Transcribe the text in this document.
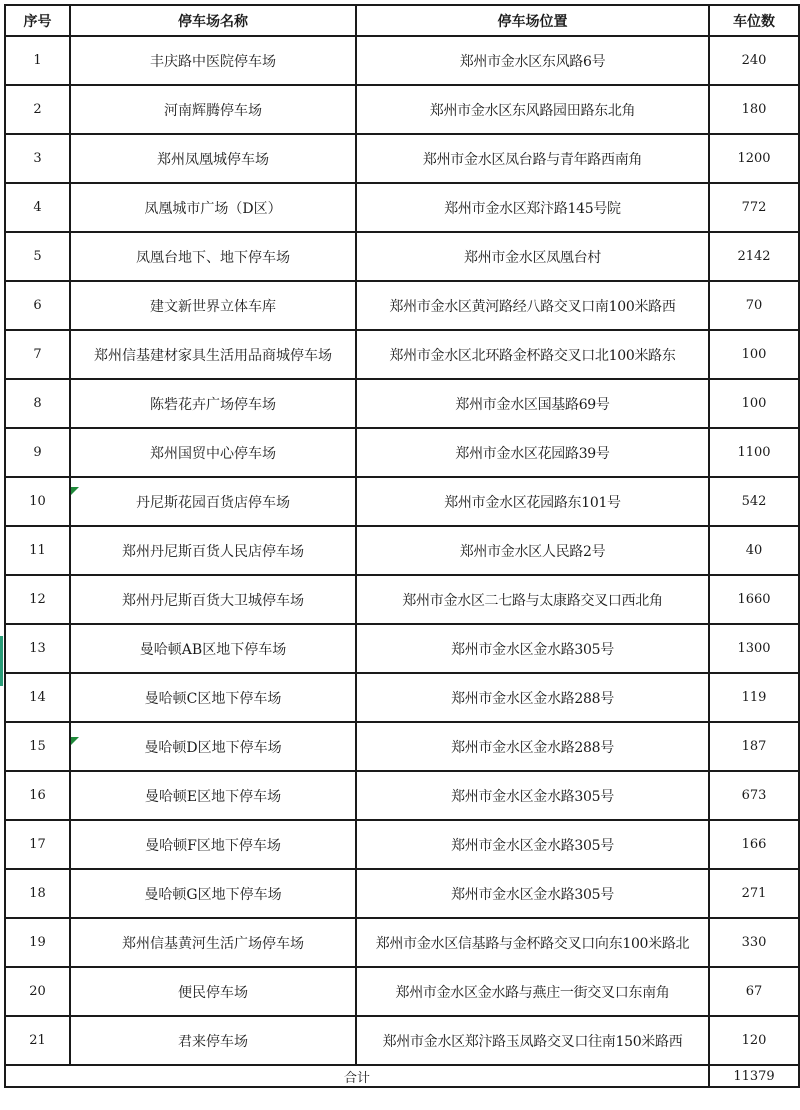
序号	停车场名称	停车场位置	车位数
1	丰庆路中医院停车场	郑州市金水区东风路6号	240
2	河南辉腾停车场	郑州市金水区东风路园田路东北角	180
3	郑州凤凰城停车场	郑州市金水区凤台路与青年路西南角	1200
4	凤凰城市广场（D区）	郑州市金水区郑汴路145号院	772
5	凤凰台地下、地下停车场	郑州市金水区凤凰台村	2142
6	建文新世界立体车库	郑州市金水区黄河路经八路交叉口南100米路西	70
7	郑州信基建材家具生活用品商城停车场	郑州市金水区北环路金杯路交叉口北100米路东	100
8	陈砦花卉广场停车场	郑州市金水区国基路69号	100
9	郑州国贸中心停车场	郑州市金水区花园路39号	1100
10	丹尼斯花园百货店停车场	郑州市金水区花园路东101号	542
11	郑州丹尼斯百货人民店停车场	郑州市金水区人民路2号	40
12	郑州丹尼斯百货大卫城停车场	郑州市金水区二七路与太康路交叉口西北角	1660
13	曼哈顿AB区地下停车场	郑州市金水区金水路305号	1300
14	曼哈顿C区地下停车场	郑州市金水区金水路288号	119
15	曼哈顿D区地下停车场	郑州市金水区金水路288号	187
16	曼哈顿E区地下停车场	郑州市金水区金水路305号	673
17	曼哈顿F区地下停车场	郑州市金水区金水路305号	166
18	曼哈顿G区地下停车场	郑州市金水区金水路305号	271
19	郑州信基黄河生活广场停车场	郑州市金水区信基路与金杯路交叉口向东100米路北	330
20	便民停车场	郑州市金水区金水路与燕庄一街交叉口东南角	67
21	君来停车场	郑州市金水区郑汴路玉凤路交叉口往南150米路西	120
合计			11379
